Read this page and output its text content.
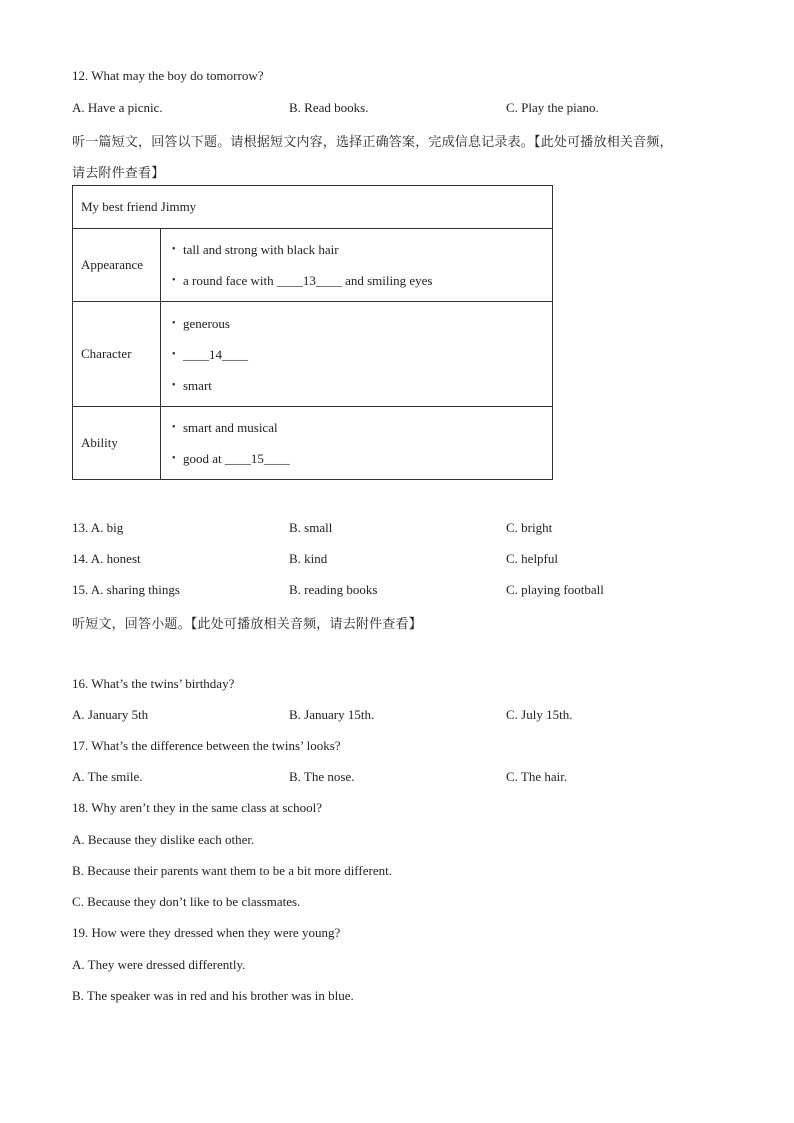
12. What may the boy do tomorrow?
A. Have a picnic.	B. Read books.	C. Play the piano.
听一篇短文，回答以下题。请根据短文内容，选择正确答案，完成信息记录表。【此处可播放相关音频，
请去附件查看】
My best friend Jimmy	
Appearance	• tall and strong with black hair
• a round face with ____13____ and smiling eyes

Character	• generous
• ____14____
• smart

Ability	• smart and musical
• good at ____15____
13. A. big	B. small	C. bright
14. A. honest	B. kind	C. helpful
15. A. sharing things	B. reading books	C. playing football
听短文，回答小题。【此处可播放相关音频，请去附件查看】
16. What’s the twins’ birthday?
A. January 5th	B. January 15th.	C. July 15th.
17. What’s the difference between the twins’ looks?
A. The smile.	B. The nose.	C. The hair.
18. Why aren’t they in the same class at school?
A. Because they dislike each other.
B. Because their parents want them to be a bit more different.
C. Because they don’t like to be classmates.
19. How were they dressed when they were young?
A. They were dressed differently.
B. The speaker was in red and his brother was in blue.
